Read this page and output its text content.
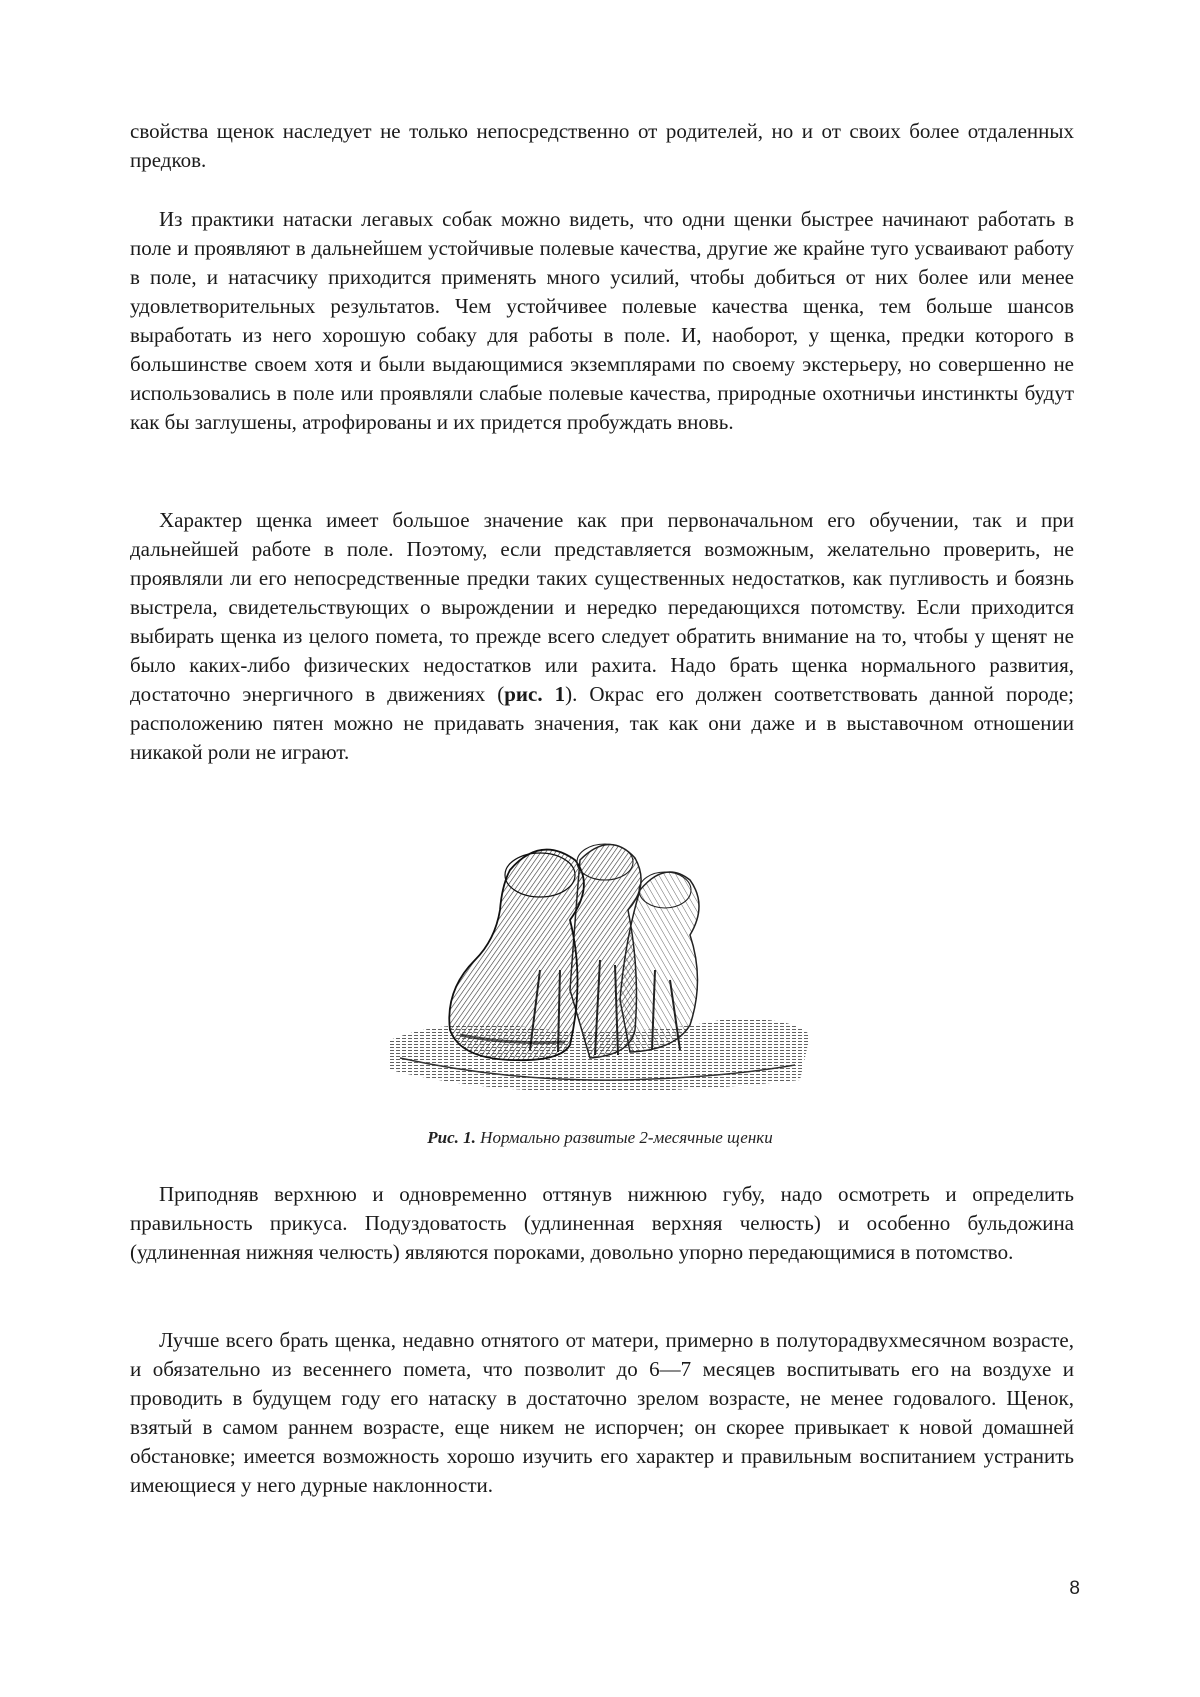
свойства щенок наследует не только непосредственно от родителей, но и от своих более отдаленных предков.

Из практики натаски легавых собак можно видеть, что одни щенки быстрее начинают работать в поле и проявляют в дальнейшем устойчивые полевые качества, другие же крайне туго усваивают работу в поле, и натасчику приходится применять много усилий, чтобы добиться от них более или менее удовлетворительных результатов. Чем устойчивее полевые качества щенка, тем больше шансов выработать из него хорошую собаку для работы в поле. И, наоборот, у щенка, предки которого в большинстве своем хотя и были выдающимися экземплярами по своему экстерьеру, но совершенно не использовались в поле или проявляли слабые полевые качества, природные охотничьи инстинкты будут как бы заглушены, атрофированы и их придется пробуждать вновь.

Характер щенка имеет большое значение как при первоначальном его обучении, так и при дальнейшей работе в поле. Поэтому, если представляется возможным, желательно проверить, не проявляли ли его непосредственные предки таких существенных недостатков, как пугливость и боязнь выстрела, свидетельствующих о вырождении и нередко передающихся потомству. Если приходится выбирать щенка из целого помета, то прежде всего следует обратить внимание на то, чтобы у щенят не было каких-либо физических недостатков или рахита. Надо брать щенка нормального развития, достаточно энергичного в движениях (рис. 1). Окрас его должен соответствовать данной породе; расположению пятен можно не придавать значения, так как они даже и в выставочном отношении никакой роли не играют.

Рис. 1. Нормально развитые 2-месячные щенки

Приподняв верхнюю и одновременно оттянув нижнюю губу, надо осмотреть и определить правильность прикуса. Подуздоватость (удлиненная верхняя челюсть) и особенно бульдожина (удлиненная нижняя челюсть) являются пороками, довольно упорно передающимися в потомство.

Лучше всего брать щенка, недавно отнятого от матери, примерно в полуторадвухмесячном возрасте, и обязательно из весеннего помета, что позволит до 6—7 месяцев воспитывать его на воздухе и проводить в будущем году его натаску в достаточно зрелом возрасте, не менее годовалого. Щенок, взятый в самом раннем возрасте, еще никем не испорчен; он скорее привыкает к новой домашней обстановке; имеется возможность хорошо изучить его характер и правильным воспитанием устранить имеющиеся у него дурные наклонности.

8
